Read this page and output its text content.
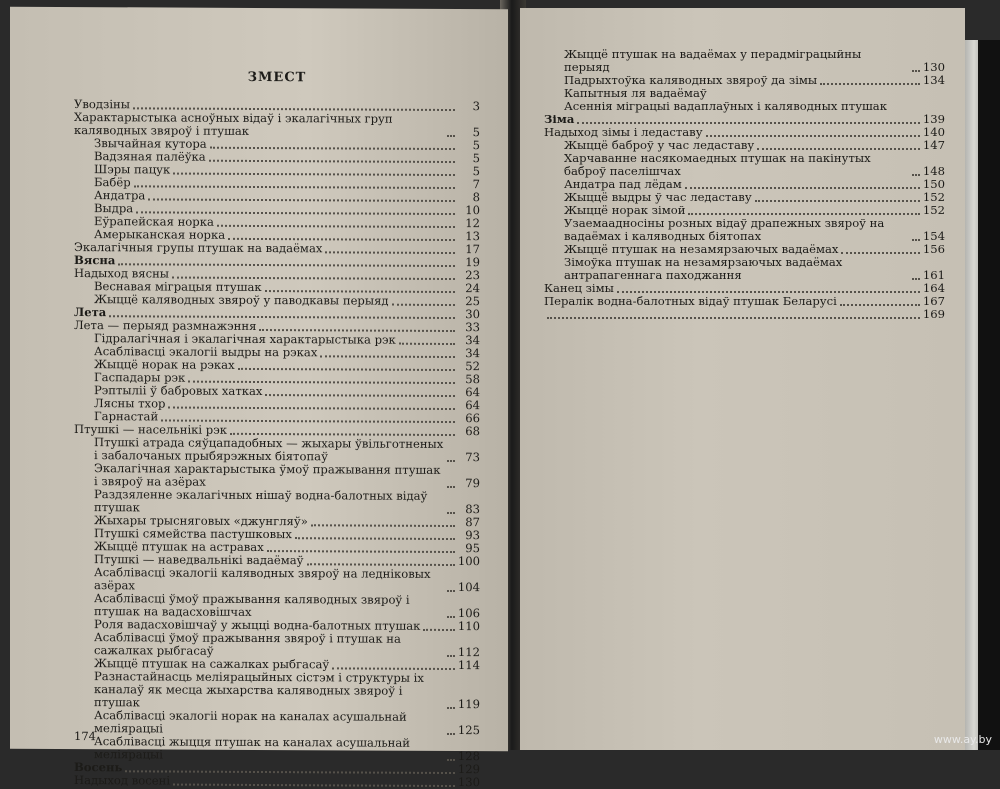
ЗМЕСТ
Уводзіны	3
Характарыстыка асноўных відаў і экалагічных груп каляводных звяроў і птушак	5
Звычайная кутора	5
Вадзяная палёўка	5
Шэры пацук	5
Бабёр	7
Андатра	8
Выдра	10
Еўрапейская норка	12
Амерыканская норка	13
Экалагічныя групы птушак на вадаёмах	17
Вясна	19
Надыход вясны	23
Веснавая міграцыя птушак	24
Жыццё каляводных звяроў у паводкавы перыяд	25
Лета	30
Лета — перыяд размнажэння	33
Гідралагічная і экалагічная характарыстыка рэк	34
Асаблівасці экалогіі выдры на рэках	34
Жыццё норак на рэках	52
Гаспадары рэк	58
Рэптыліі ў бабровых хатках	64
Лясны тхор	64
Гарнастай	66
Птушкі — насельнікі рэк	68
Птушкі атрада сяўцападобных — жыхары ўвільготненых і забалочаных прыбярэжных біятопаў	73
Экалагічная характарыстыка ўмоў пражывання птушак і звяроў на азёрах	79
Раздзяленне экалагічных нішаў водна-балотных відаў птушак	83
Жыхары трысняговых «джунгляў»	87
Птушкі сямейства пастушковых	93
Жыццё птушак на астравах	95
Птушкі — наведвальнікі вадаёмаў	100
Асаблівасці экалогіі каляводных звяроў на ледніковых азёрах	104
Асаблівасці ўмоў пражывання каляводных звяроў і птушак на вадасховішчах	106
Роля вадасховішчаў у жыцці водна-балотных птушак	110
Асаблівасці ўмоў пражывання звяроў і птушак на сажалках рыбгасаў	112
Жыццё птушак на сажалках рыбгасаў	114
Разнастайнасць меліярацыйных сістэм і структуры іх каналаў як месца жыхарства каляводных звяроў і птушак	119
Асаблівасці экалогіі норак на каналах асушальнай меліярацыі	125
Асаблівасці жыцця птушак на каналах асушальнай меліярацыі	128
Восень	129
Надыход восені	130
174
Жыццё птушак на вадаёмах у перадміграцыйны перыяд	130
Падрыхтоўка каляводных звяроў да зімы	134
Капытныя ля вадаёмаў
Асеннія міграцыі вадаплаўных і каляводных птушак
Зіма	139
Надыход зімы і ледаставу	140
Жыццё баброў у час ледаставу	147
Харчаванне насякомаедных птушак на пакінутых баброў паселішчах	148
Андатра пад лёдам	150
Жыццё выдры ў час ледаставу	152
Жыццё норак зімой	152
Узаемаадносіны розных відаў драпежных звяроў на вадаёмах і каляводных біятопах	154
Жыццё птушак на незамярзаючых вадаёмах	156
Зімоўка птушак на незамярзаючых вадаёмах антрапагеннага паходжання	161
Канец зімы	164
Пералік водна-балотных відаў птушак Беларусі	167
169
www.ay.by
